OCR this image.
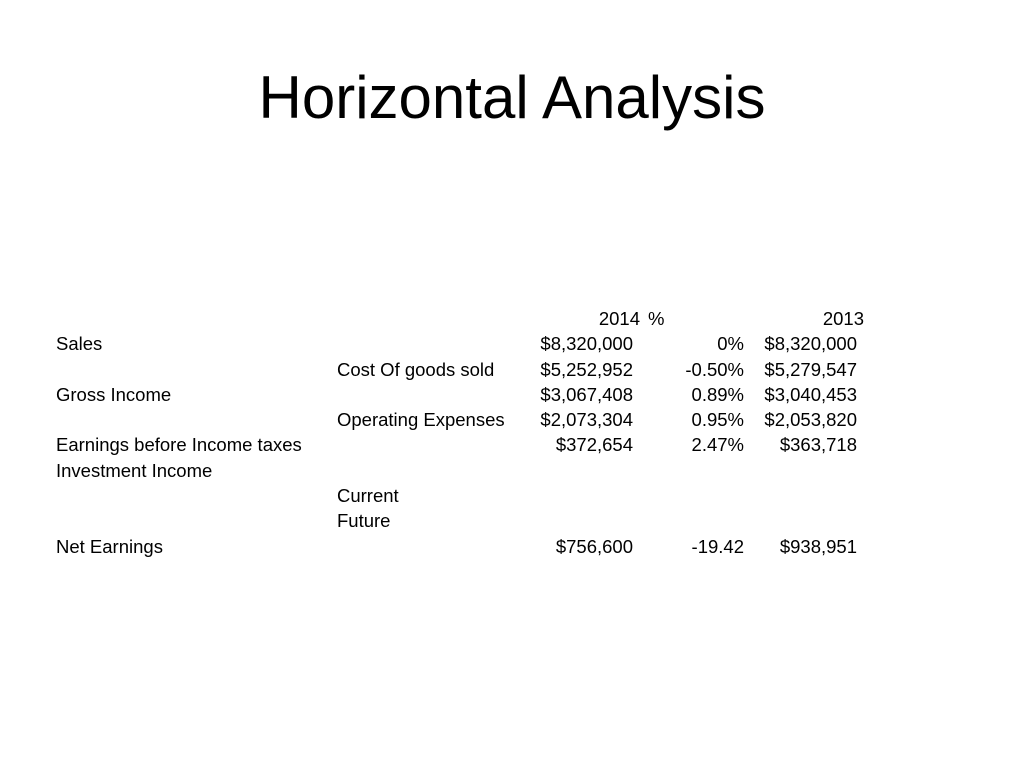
Horizontal Analysis
2014 %	2013
Sales	$8,320,000	0% $8,320,000
Cost Of goods sold $5,252,952	-0.50% $5,279,547
Gross Income	$3,067,408	0.89% $3,040,453
Operating Expenses $2,073,304	0.95% $2,053,820
Earnings before Income taxes	$372,654	2.47% $363,718
Investment Income
Current
Future
Net Earnings	$756,600	-19.42 $938,951
